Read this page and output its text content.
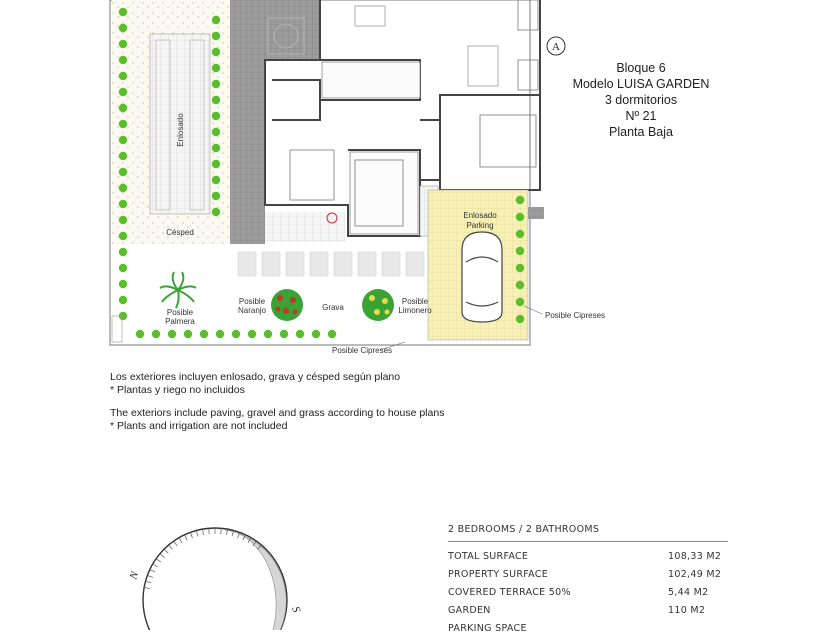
A
Enlosado
Césped
Enlosado
Parking
Posible
Palmera
Posible
Naranjo	Grava
Posible
Limonero
Posible Cipreses
Posible Cipreses
N
S
Bloque 6
Modelo LUISA GARDEN
3 dormitorios
Nº 21
Planta Baja
Los exteriores incluyen enlosado, grava y césped según plano
* Plantas y riego no incluidos
The exteriors include paving, gravel and grass according to house plans
* Plants and irrigation are not included
2 BEDROOMS / 2 BATHROOMS
TOTAL SURFACE	108,33 M2
PROPERTY SURFACE	102,49 M2
COVERED TERRACE 50%	5,44 M2
GARDEN	110 M2
PARKING SPACE
